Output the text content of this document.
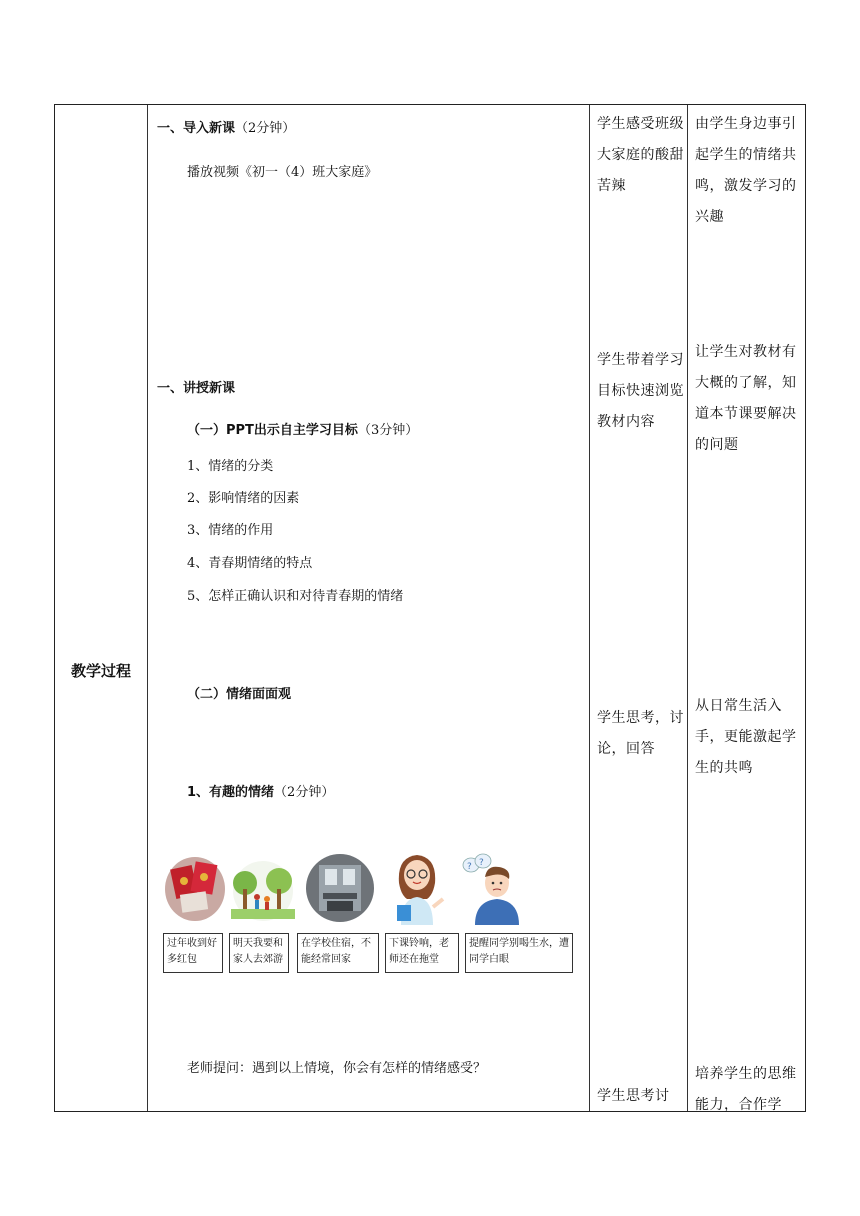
教学过程
一、导入新课（2分钟）
播放视频《初一（4）班大家庭》
一、讲授新课
（一）PPT出示自主学习目标（3分钟）
1、情绪的分类
2、影响情绪的因素
3、情绪的作用
4、青春期情绪的特点
5、怎样正确认识和对待青春期的情绪
（二）情绪面面观
1、有趣的情绪（2分钟）
? ?
过年收到好多红包
明天我要和家人去郊游
在学校住宿，不能经常回家
下课铃响，老师还在拖堂
提醒同学别喝生水，遭同学白眼
老师提问：遇到以上情境，你会有怎样的情绪感受？
学生感受班级大家庭的酸甜苦辣
学生带着学习目标快速浏览教材内容
学生思考，讨论，回答
学生思考讨
由学生身边事引起学生的情绪共鸣，激发学习的兴趣
让学生对教材有大概的了解，知道本节课要解决的问题
从日常生活入手，更能激起学生的共鸣
培养学生的思维能力，合作学
